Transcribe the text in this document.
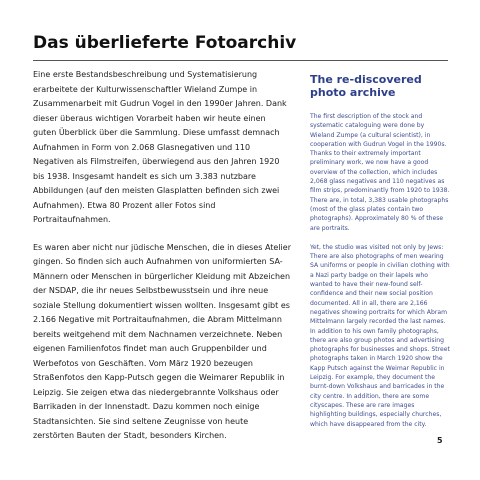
Das überlieferte Fotoarchiv

Eine erste Bestandsbeschreibung und Systematisierung erarbeitete der Kulturwissenschaftler Wieland Zumpe in Zusammenarbeit mit Gudrun Vogel in den 1990er Jahren. Dank dieser überaus wichtigen Vorarbeit haben wir heute einen guten Überblick über die Sammlung. Diese umfasst demnach Aufnahmen in Form von 2.068 Glasnegativen und 110 Negativen als Filmstreifen, überwiegend aus den Jahren 1920 bis 1938. Insgesamt handelt es sich um 3.383 nutzbare Abbildungen (auf den meisten Glasplatten befinden sich zwei Aufnahmen). Etwa 80 Prozent aller Fotos sind Portraitaufnahmen.

Es waren aber nicht nur jüdische Menschen, die in dieses Atelier gingen. So finden sich auch Aufnahmen von uniformierten SA-Männern oder Menschen in bürgerlicher Kleidung mit Abzeichen der NSDAP, die ihr neues Selbstbewusstsein und ihre neue soziale Stellung dokumentiert wissen wollten. Insgesamt gibt es 2.166 Negative mit Portraitaufnahmen, die Abram Mittelmann bereits weitgehend mit dem Nachnamen verzeichnete. Neben eigenen Familienfotos findet man auch Gruppenbilder und Werbefotos von Geschäften. Vom März 1920 bezeugen Straßenfotos den Kapp-Putsch gegen die Weimarer Republik in Leipzig. Sie zeigen etwa das niedergebrannte Volkshaus oder Barrikaden in der Innenstadt. Dazu kommen noch einige Stadtansichten. Sie sind seltene Zeugnisse von heute zerstörten Bauten der Stadt, besonders Kirchen.

The re-discovered photo archive

The first description of the stock and systematic cataloguing were done by Wieland Zumpe (a cultural scientist), in cooperation with Gudrun Vogel in the 1990s. Thanks to their extremely important preliminary work, we now have a good overview of the collection, which includes 2,068 glass negatives and 110 negatives as film strips, predominantly from 1920 to 1938. There are, in total, 3,383 usable photographs (most of the glass plates contain two photographs). Approximately 80 % of these are portraits.

Yet, the studio was visited not only by Jews: There are also photographs of men wearing SA uniforms or people in civilian clothing with a Nazi party badge on their lapels who wanted to have their new-found self-confidence and their new social position documented. All in all, there are 2,166 negatives showing portraits for which Abram Mittelmann largely recorded the last names. In addition to his own family photographs, there are also group photos and advertising photographs for businesses and shops. Street photographs taken in March 1920 show the Kapp Putsch against the Weimar Republic in Leipzig. For example, they document the burnt-down Volkshaus and barricades in the city centre. In addition, there are some cityscapes. These are rare images highlighting buildings, especially churches, which have disappeared from the city.

5
